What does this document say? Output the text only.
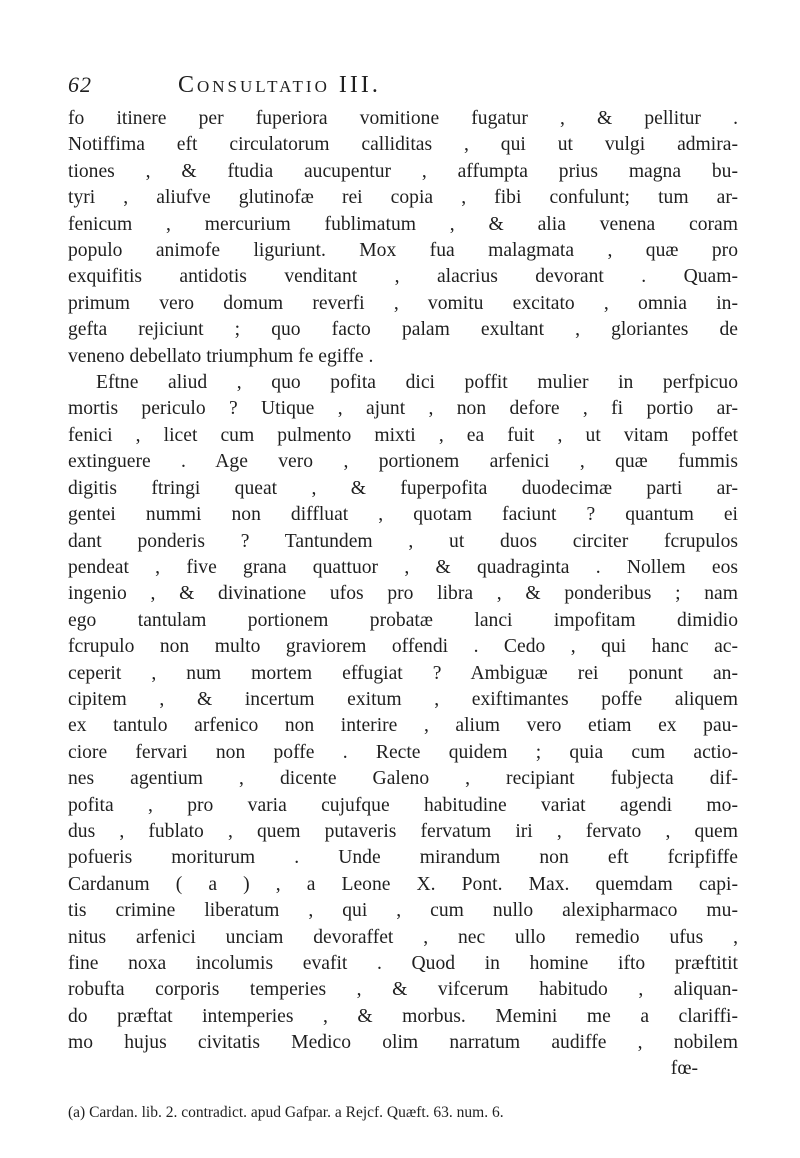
62	Consultatio III.
fo itinere per fuperiora vomitione fugatur , & pellitur .
Notiffima eft circulatorum calliditas , qui ut vulgi admira-
tiones , & ftudia aucupentur , affumpta prius magna bu-
tyri , aliufve glutinofæ rei copia , fibi confulunt; tum ar-
fenicum , mercurium fublimatum , & alia venena coram
populo animofe liguriunt. Mox fua malagmata , quæ pro
exquifitis antidotis venditant , alacrius devorant . Quam-
primum vero domum reverfi , vomitu excitato , omnia in-
gefta rejiciunt ; quo facto palam exultant , gloriantes de
veneno debellato triumphum fe egiffe .
Eftne aliud , quo pofita dici poffit mulier in perfpicuo
mortis periculo ? Utique , ajunt , non defore , fi portio ar-
fenici , licet cum pulmento mixti , ea fuit , ut vitam poffet
extinguere . Age vero , portionem arfenici , quæ fummis
digitis ftringi queat , & fuperpofita duodecimæ parti ar-
gentei nummi non diffluat , quotam faciunt ? quantum ei
dant ponderis ? Tantundem , ut duos circiter fcrupulos
pendeat , five grana quattuor , & quadraginta . Nollem eos
ingenio , & divinatione ufos pro libra , & ponderibus ; nam
ego tantulam portionem probatæ lanci impofitam dimidio
fcrupulo non multo graviorem offendi . Cedo , qui hanc ac-
ceperit , num mortem effugiat ? Ambiguæ rei ponunt an-
cipitem , & incertum exitum , exiftimantes poffe aliquem
ex tantulo arfenico non interire , alium vero etiam ex pau-
ciore fervari non poffe . Recte quidem ; quia cum actio-
nes agentium , dicente Galeno , recipiant fubjecta dif-
pofita , pro varia cujufque habitudine variat agendi mo-
dus , fublato , quem putaveris fervatum iri , fervato , quem
pofueris moriturum . Unde mirandum non eft fcripfiffe
Cardanum ( a ) , a Leone X. Pont. Max. quemdam capi-
tis crimine liberatum , qui , cum nullo alexipharmaco mu-
nitus arfenici unciam devoraffet , nec ullo remedio ufus ,
fine noxa incolumis evafit . Quod in homine ifto præftitit
robufta corporis temperies , & vifcerum habitudo , aliquan-
do præftat intemperies , & morbus. Memini me a clariffi-
mo hujus civitatis Medico olim narratum audiffe , nobilem
fœ-
(a) Cardan. lib. 2. contradict. apud Gafpar. a Rejcf. Quæft. 63. num. 6.
